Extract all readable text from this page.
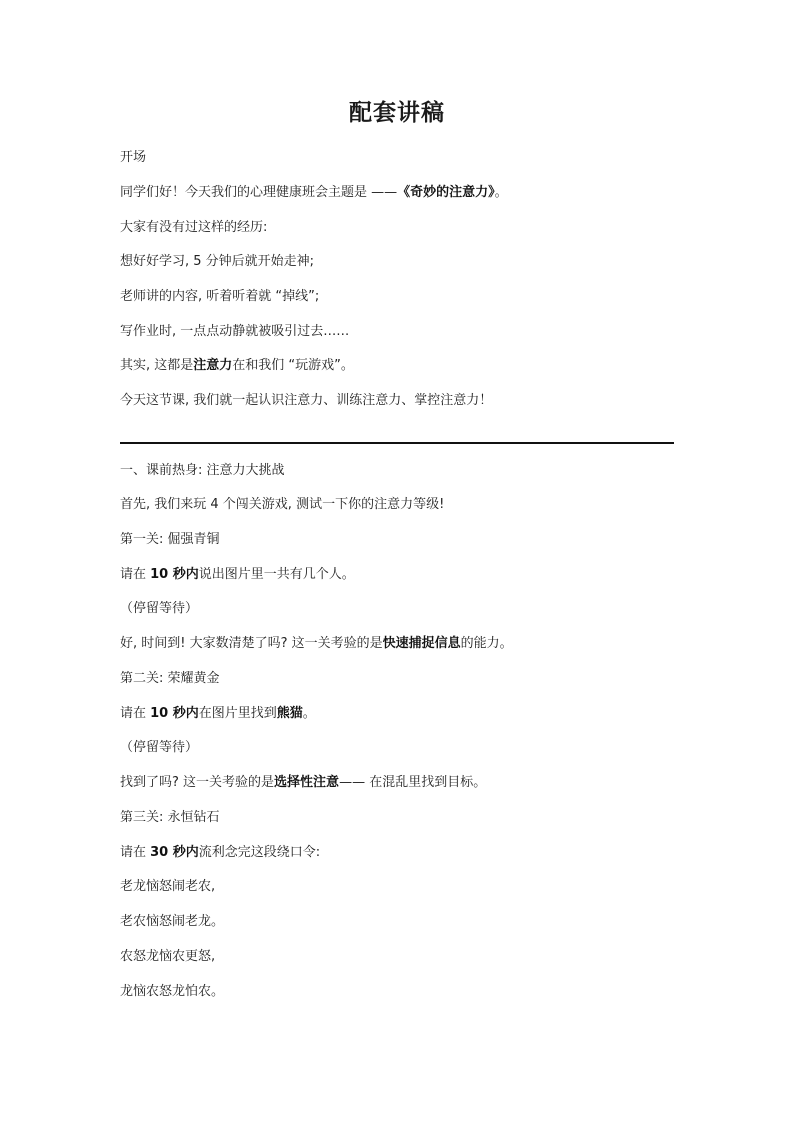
配套讲稿
开场
同学们好！今天我们的心理健康班会主题是 ——《奇妙的注意力》。
大家有没有过这样的经历:
想好好学习, 5 分钟后就开始走神;
老师讲的内容, 听着听着就 “掉线”;
写作业时, 一点点动静就被吸引过去……
其实, 这都是注意力在和我们 “玩游戏”。
今天这节课, 我们就一起认识注意力、训练注意力、掌控注意力！
一、课前热身: 注意力大挑战
首先, 我们来玩 4 个闯关游戏, 测试一下你的注意力等级!
第一关: 倔强青铜
请在 10 秒内说出图片里一共有几个人。
（停留等待）
好, 时间到! 大家数清楚了吗? 这一关考验的是快速捕捉信息的能力。
第二关: 荣耀黄金
请在 10 秒内在图片里找到熊猫。
（停留等待）
找到了吗? 这一关考验的是选择性注意—— 在混乱里找到目标。
第三关: 永恒钻石
请在 30 秒内流利念完这段绕口令:
老龙恼怒闹老农,
老农恼怒闹老龙。
农怒龙恼农更怒,
龙恼农怒龙怕农。
